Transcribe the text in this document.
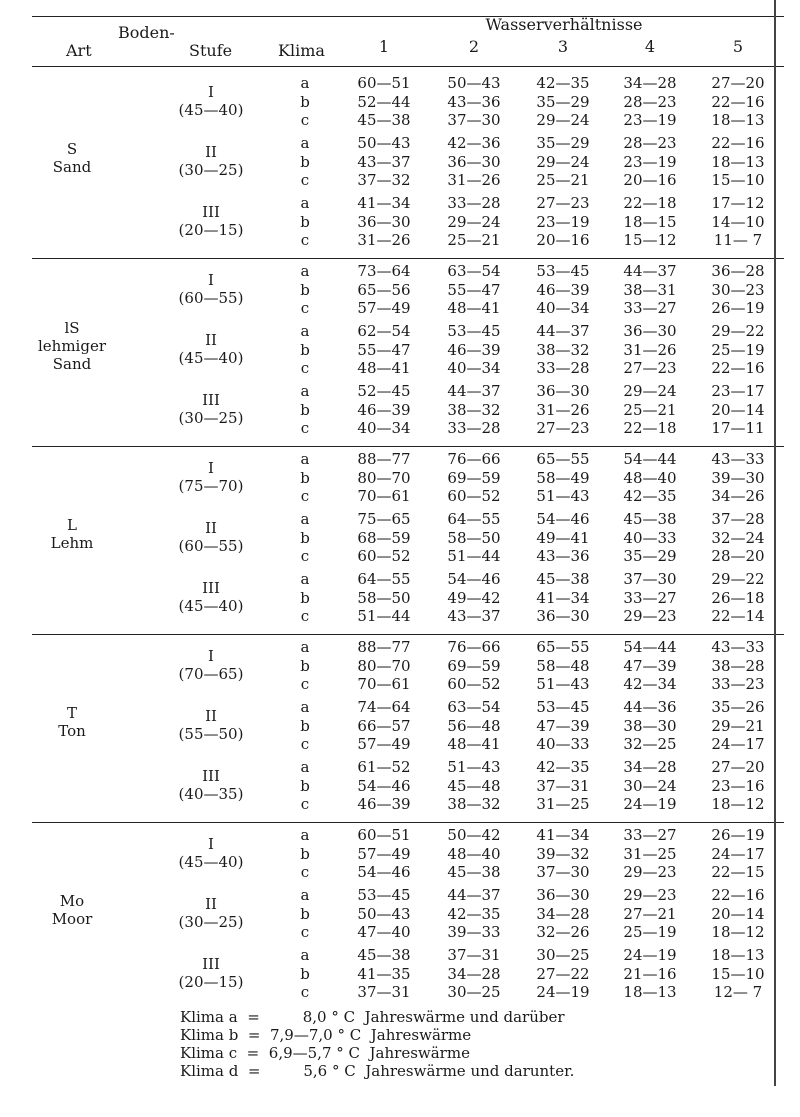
Boden-
Art	Stufe	Klima
Wasserverhältnisse
1	2	3	4	5
S
Sand
I
(45—40)
a	60—51 50—43 42—35 34—28 27—20
b	52—44 43—36 35—29 28—23 22—16
c	45—38 37—30 29—24 23—19 18—13
II
(30—25)
a	50—43 42—36 35—29 28—23 22—16
b	43—37 36—30 29—24 23—19 18—13
c	37—32 31—26 25—21 20—16 15—10
III
(20—15)
a	41—34 33—28 27—23 22—18 17—12
b	36—30 29—24 23—19 18—15 14—10
c	31—26 25—21 20—16 15—12 11— 7
lS
lehmiger Sand
I
(60—55)
a	73—64 63—54 53—45 44—37 36—28
b	65—56 55—47 46—39 38—31 30—23
c	57—49 48—41 40—34 33—27 26—19
II
(45—40)
a	62—54 53—45 44—37 36—30 29—22
b	55—47 46—39 38—32 31—26 25—19
c	48—41 40—34 33—28 27—23 22—16
III
(30—25)
a	52—45 44—37 36—30 29—24 23—17
b	46—39 38—32 31—26 25—21 20—14
c	40—34 33—28 27—23 22—18 17—11
L
Lehm
I
(75—70)
a	88—77 76—66 65—55 54—44 43—33
b	80—70 69—59 58—49 48—40 39—30
c	70—61 60—52 51—43 42—35 34—26
II
(60—55)
a	75—65 64—55 54—46 45—38 37—28
b	68—59 58—50 49—41 40—33 32—24
c	60—52 51—44 43—36 35—29 28—20
III
(45—40)
a	64—55 54—46 45—38 37—30 29—22
b	58—50 49—42 41—34 33—27 26—18
c	51—44 43—37 36—30 29—23 22—14
T
Ton
I
(70—65)
a	88—77 76—66 65—55 54—44 43—33
b	80—70 69—59 58—48 47—39 38—28
c	70—61 60—52 51—43 42—34 33—23
II
(55—50)
a	74—64 63—54 53—45 44—36 35—26
b	66—57 56—48 47—39 38—30 29—21
c	57—49 48—41 40—33 32—25 24—17
III
(40—35)
a	61—52 51—43 42—35 34—28 27—20
b	54—46 45—48 37—31 30—24 23—16
c	46—39 38—32 31—25 24—19 18—12
Mo
Moor
I
(45—40)
a	60—51 50—42 41—34 33—27 26—19
b	57—49 48—40 39—32 31—25 24—17
c	54—46 45—38 37—30 29—23 22—15
II
(30—25)
a	53—45 44—37 36—30 29—23 22—16
b	50—43 42—35 34—28 27—21 20—14
c	47—40 39—33 32—26 25—19 18—12
III
(20—15)
a	45—38 37—31 30—25 24—19 18—13
b	41—35 34—28 27—22 21—16 15—10
c	37—31 30—25 24—19 18—13 12— 7
Klima a  =         8,0 ° C  Jahreswärme und darüber
Klima b  =  7,9—7,0 ° C  Jahreswärme
Klima c  =  6,9—5,7 ° C  Jahreswärme
Klima d  =         5,6 ° C  Jahreswärme und darunter.
